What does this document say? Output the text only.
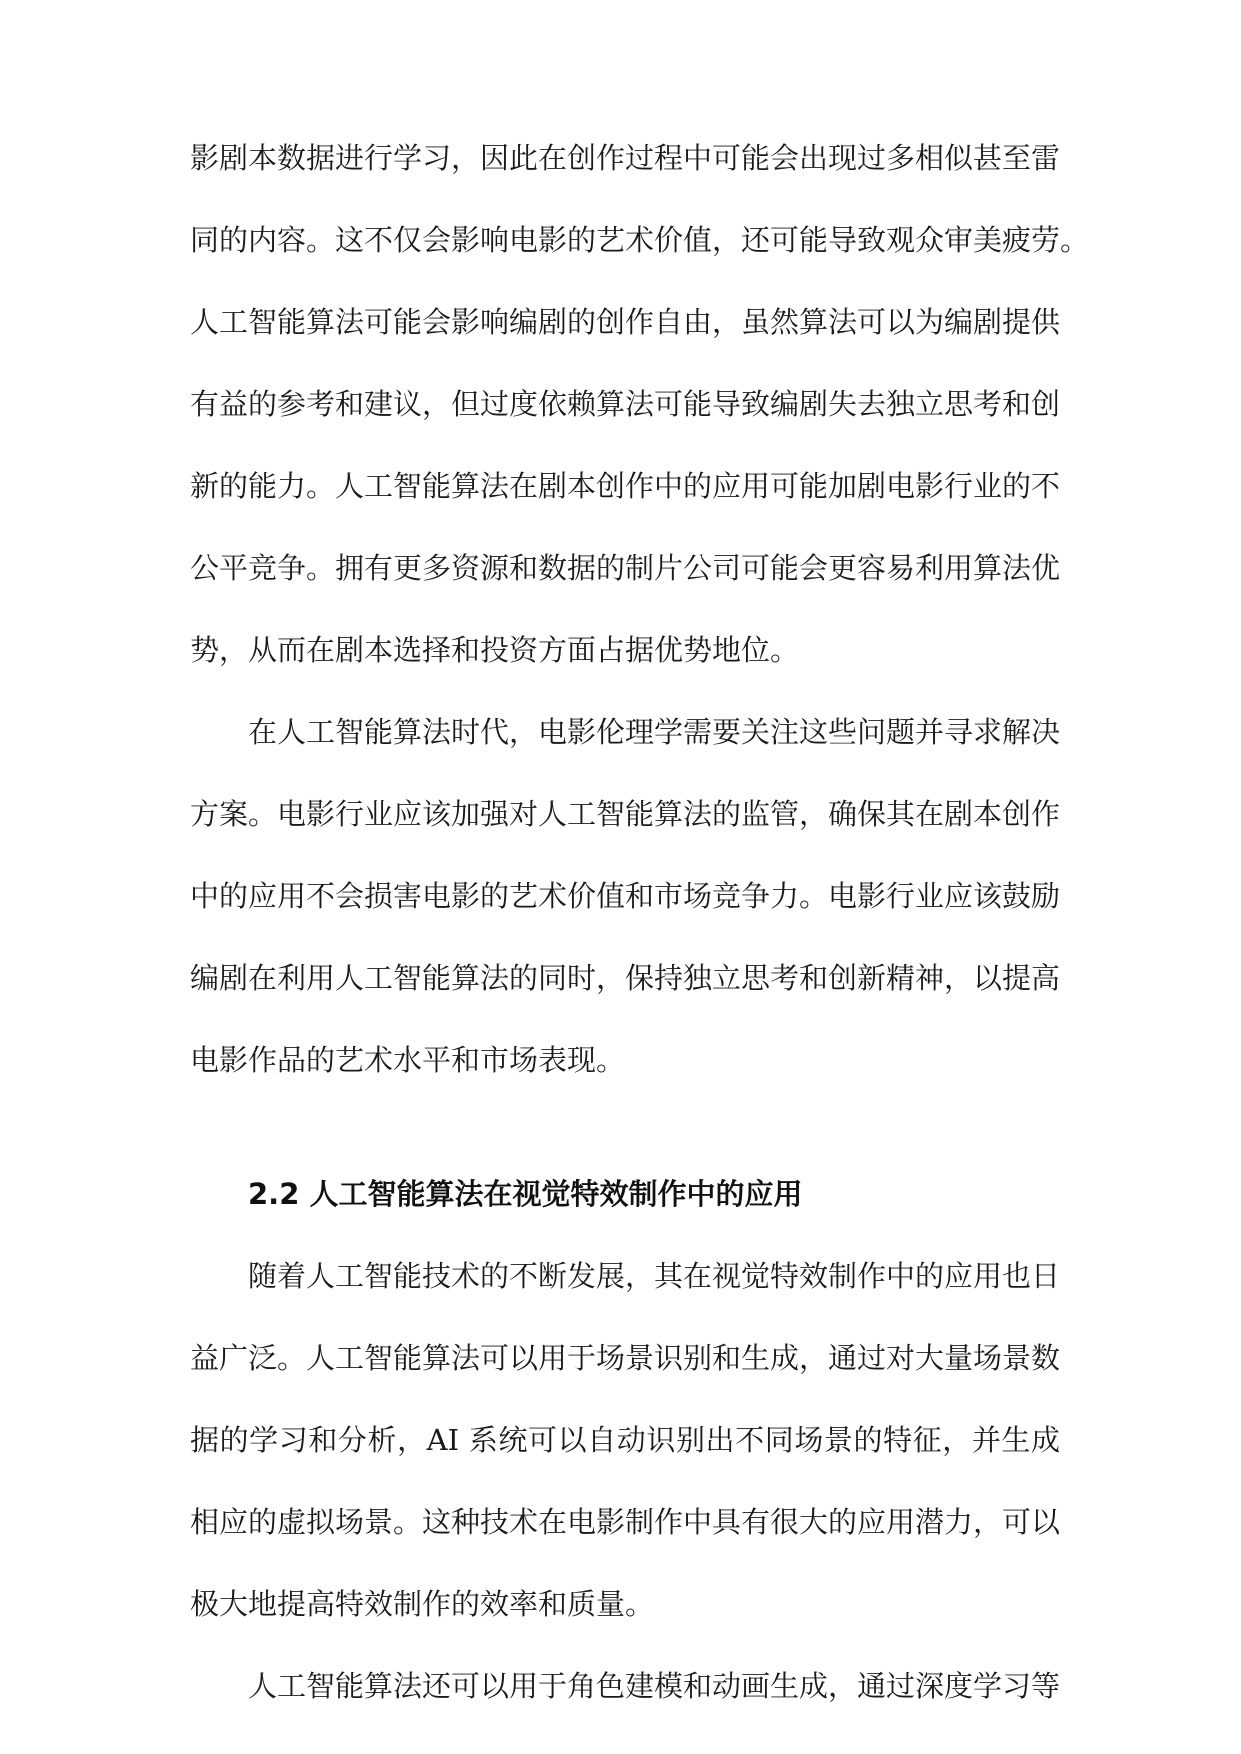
影剧本数据进行学习，因此在创作过程中可能会出现过多相似甚至雷
同的内容。这不仅会影响电影的艺术价值，还可能导致观众审美疲劳。
人工智能算法可能会影响编剧的创作自由，虽然算法可以为编剧提供
有益的参考和建议，但过度依赖算法可能导致编剧失去独立思考和创
新的能力。人工智能算法在剧本创作中的应用可能加剧电影行业的不
公平竞争。拥有更多资源和数据的制片公司可能会更容易利用算法优
势，从而在剧本选择和投资方面占据优势地位。
在人工智能算法时代，电影伦理学需要关注这些问题并寻求解决
方案。电影行业应该加强对人工智能算法的监管，确保其在剧本创作
中的应用不会损害电影的艺术价值和市场竞争力。电影行业应该鼓励
编剧在利用人工智能算法的同时，保持独立思考和创新精神，以提高
电影作品的艺术水平和市场表现。
2.2 人工智能算法在视觉特效制作中的应用
随着人工智能技术的不断发展，其在视觉特效制作中的应用也日
益广泛。人工智能算法可以用于场景识别和生成，通过对大量场景数
据的学习和分析，AI 系统可以自动识别出不同场景的特征，并生成
相应的虚拟场景。这种技术在电影制作中具有很大的应用潜力，可以
极大地提高特效制作的效率和质量。
人工智能算法还可以用于角色建模和动画生成，通过深度学习等
